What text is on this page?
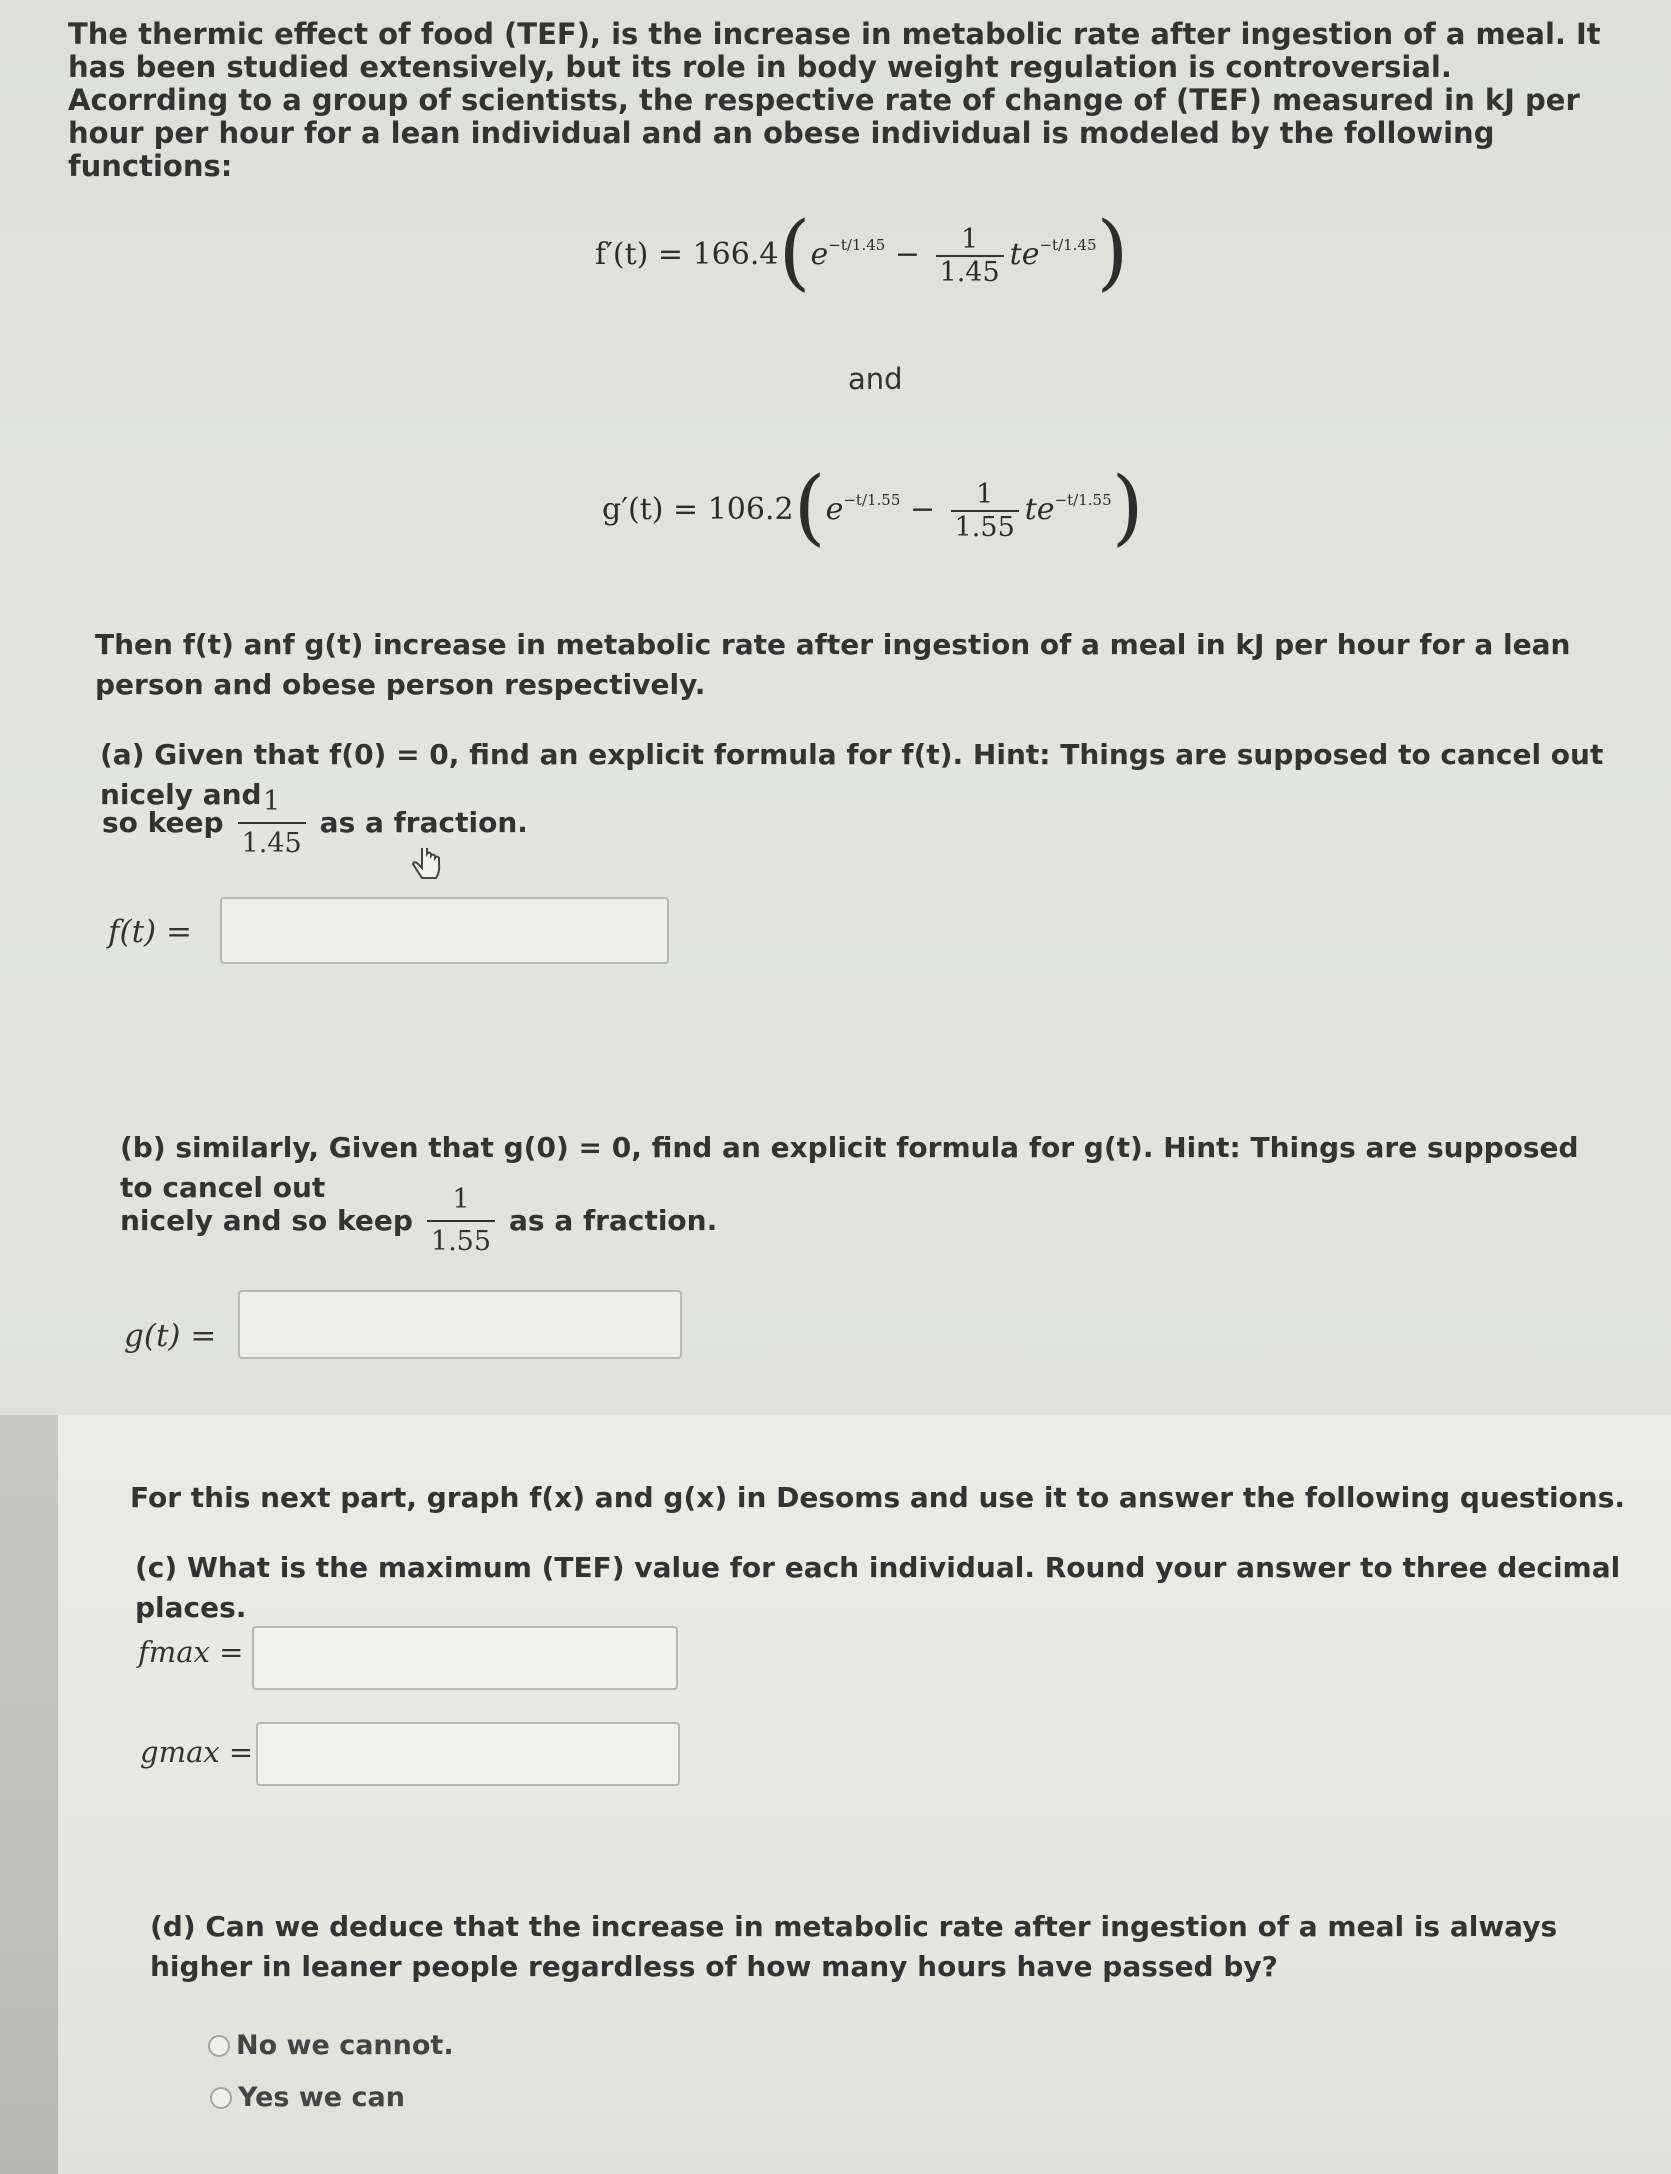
The thermic effect of food (TEF), is the increase in metabolic rate after ingestion of a meal. It has been studied extensively, but its role in body weight regulation is controversial. Acorrding to a group of scientists, the respective rate of change of (TEF) measured in kJ per hour per hour for a lean individual and an obese individual is modeled by the following functions:
$f'(t) = 166.4(e^{-t/1.45} - \frac{1}{1.45} te^{-t/1.45})$
and
$g'(t) = 106.2(e^{-t/1.55} - \frac{1}{1.55} te^{-t/1.55})$
Then f(t) anf g(t) increase in metabolic rate after ingestion of a meal in kJ per hour for a lean person and obese person respectively.
(a) Given that f(0) = 0, find an explicit formula for f(t). Hint: Things are supposed to cancel out nicely and
so keep $\frac{1}{1.45}$ as a fraction.
f(t) =
(b) similarly, Given that g(0) = 0, find an explicit formula for g(t). Hint: Things are supposed to cancel out
nicely and so keep $\frac{1}{1.55}$ as a fraction.
g(t) =
For this next part, graph f(x) and g(x) in Desoms and use it to answer the following questions.
(c) What is the maximum (TEF) value for each individual. Round your answer to three decimal places.
fmax =
gmax =
(d) Can we deduce that the increase in metabolic rate after ingestion of a meal is always higher in leaner people regardless of how many hours have passed by?
No we cannot.
Yes we can
